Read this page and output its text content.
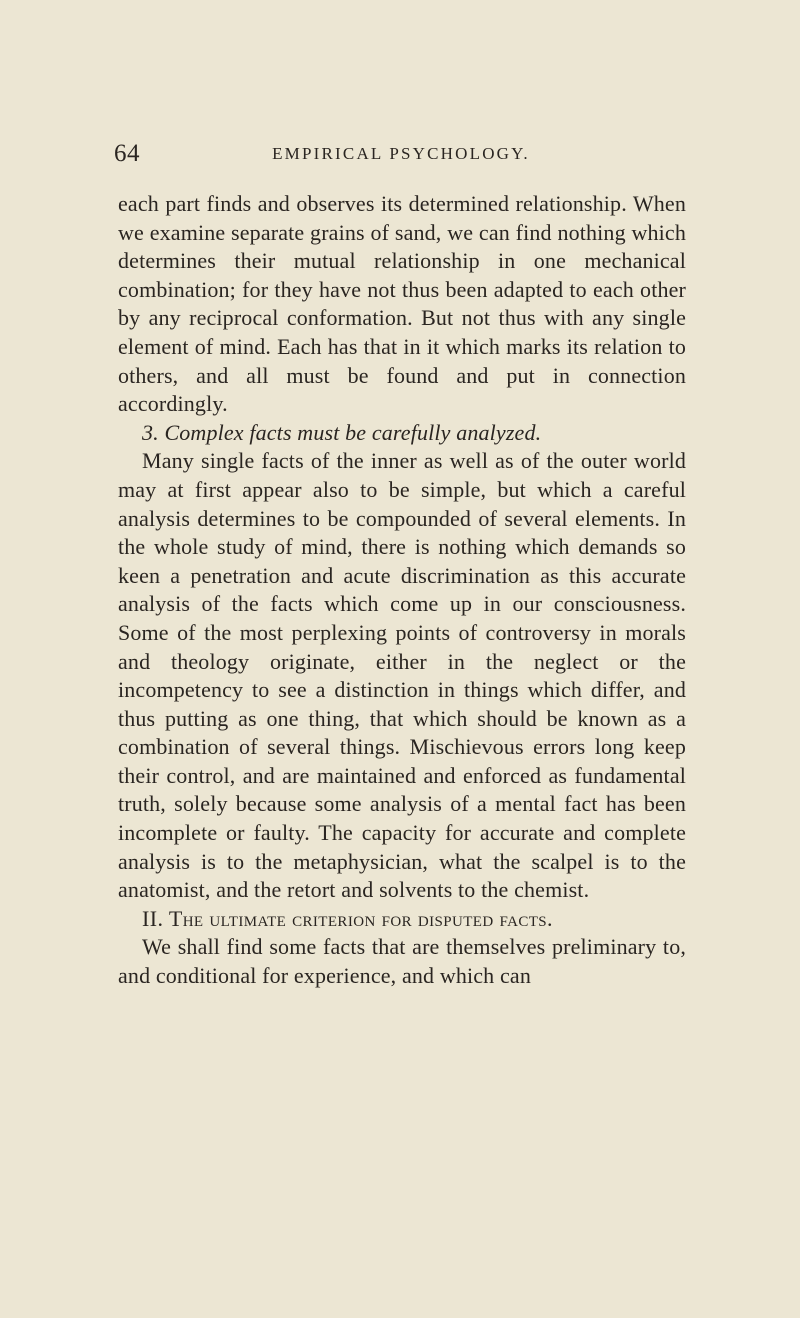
64	EMPIRICAL PSYCHOLOGY.

each part finds and observes its determined relationship. When we examine separate grains of sand, we can find nothing which determines their mutual relationship in one mechanical combination; for they have not thus been adapted to each other by any reciprocal conformation. But not thus with any single element of mind. Each has that in it which marks its relation to others, and all must be found and put in connection accordingly.

3. Complex facts must be carefully analyzed.

Many single facts of the inner as well as of the outer world may at first appear also to be simple, but which a careful analysis determines to be compounded of several elements. In the whole study of mind, there is nothing which demands so keen a penetration and acute discrimination as this accurate analysis of the facts which come up in our consciousness. Some of the most perplexing points of controversy in morals and theology originate, either in the neglect or the incompetency to see a distinction in things which differ, and thus putting as one thing, that which should be known as a combination of several things. Mischievous errors long keep their control, and are maintained and enforced as fundamental truth, solely because some analysis of a mental fact has been incomplete or faulty. The capacity for accurate and complete analysis is to the metaphysician, what the scalpel is to the anatomist, and the retort and solvents to the chemist.

II. The ultimate criterion for disputed facts.

We shall find some facts that are themselves preliminary to, and conditional for experience, and which can
